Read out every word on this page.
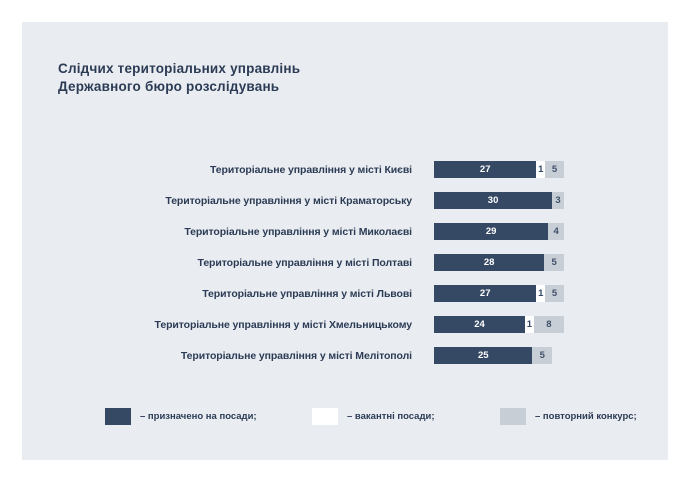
Слідчих територіальних управлінь
Державного бюро розслідувань
Територіальне управління у місті Києві	27	1 5
Територіальне управління у місті Краматорську	30	3
Територіальне управління у місті Миколаєві	29	4
Територіальне управління у місті Полтаві	28	5
Територіальне управління у місті Львові	27	1 5
Територіальне управління у місті Хмельницькому	24	1 8
Територіальне управління у місті Мелітополі	25	5
– призначено на посади;	– вакантні посади;	– повторний конкурс;
